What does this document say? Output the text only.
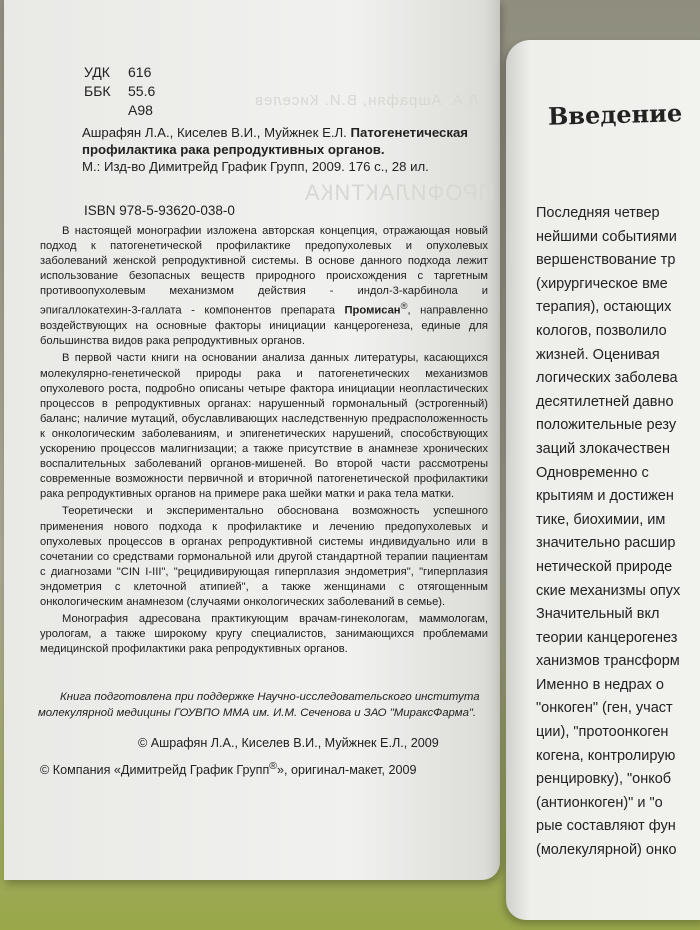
Л.А. Ашрафян, В.И. Киселев
ПРОФИЛАКТИКА
УДК 616
ББК 55.6
А98
Ашрафян Л.А., Киселев В.И., Муйжнек Е.Л. Патогенетическая профилактика рака репродуктивных органов.
М.: Изд-во Димитрейд График Групп, 2009. 176 с., 28 ил.
ISBN 978-5-93620-038-0

В настоящей монографии изложена авторская концепция, отражающая новый подход к патогенетической профилактике предопухолевых и опухолевых заболеваний женской репродуктивной системы. В основе данного подхода лежит использование безопасных веществ природного происхождения с таргетным противоопухолевым механизмом действия - индол-3-карбинола и эпигаллокатехин-3-галлата - компонентов препарата Промисан®, направленно воздействующих на основные факторы инициации канцерогенеза, единые для большинства видов рака репродуктивных органов.

В первой части книги на основании анализа данных литературы, касающихся молекулярно-генетической природы рака и патогенетических механизмов опухолевого роста, подробно описаны четыре фактора инициации неопластических процессов в репродуктивных органах: нарушенный гормональный (эстрогенный) баланс; наличие мутаций, обуславливающих наследственную предрасположенность к онкологическим заболеваниям, и эпигенетических нарушений, способствующих ускорению процессов малигнизации; а также присутствие в анамнезе хронических воспалительных заболеваний органов-мишеней. Во второй части рассмотрены современные возможности первичной и вторичной патогенетической профилактики рака репродуктивных органов на примере рака шейки матки и рака тела матки.

Теоретически и экспериментально обоснована возможность успешного применения нового подхода к профилактике и лечению предопухолевых и опухолевых процессов в органах репродуктивной системы индивидуально или в сочетании со средствами гормональной или другой стандартной терапии пациентам с диагнозами "CIN I-III", "рецидивирующая гиперплазия эндометрия", "гиперплазия эндометрия с клеточной атипией", а также женщинами с отягощенным онкологическим анамнезом (случаями онкологических заболеваний в семье).

Монография адресована практикующим врачам-гинекологам, маммологам, урологам, а также широкому кругу специалистов, занимающихся проблемами медицинской профилактики рака репродуктивных органов.

Книга подготовлена при поддержке Научно-исследовательского института молекулярной медицины ГОУВПО ММА им. И.М. Сеченова и ЗАО "МираксФарма".
© Ашрафян Л.А., Киселев В.И., Муйжнек Е.Л., 2009
© Компания «Димитрейд График Групп®», оригинал-макет, 2009
Введение
Последняя четвер
нейшими событиями
вершенствование тр
(хирургическое вме
терапия), остающих
кологов, позволило
жизней. Оценивая
логических заболева
десятилетней давно
положительные резу
заций злокачествен
Одновременно с
крытиям и достижен
тике, биохимии, им
значительно расшир
нетической природе
ские механизмы опух
Значительный вкл
теории канцерогенез
ханизмов трансформ
Именно в недрах о
"онкоген" (ген, участ
ции), "протоонкоген
когена, контролирую
ренцировку), "онкоб
(антионкоген)" и "о
рые составляют фун
(молекулярной) онко
